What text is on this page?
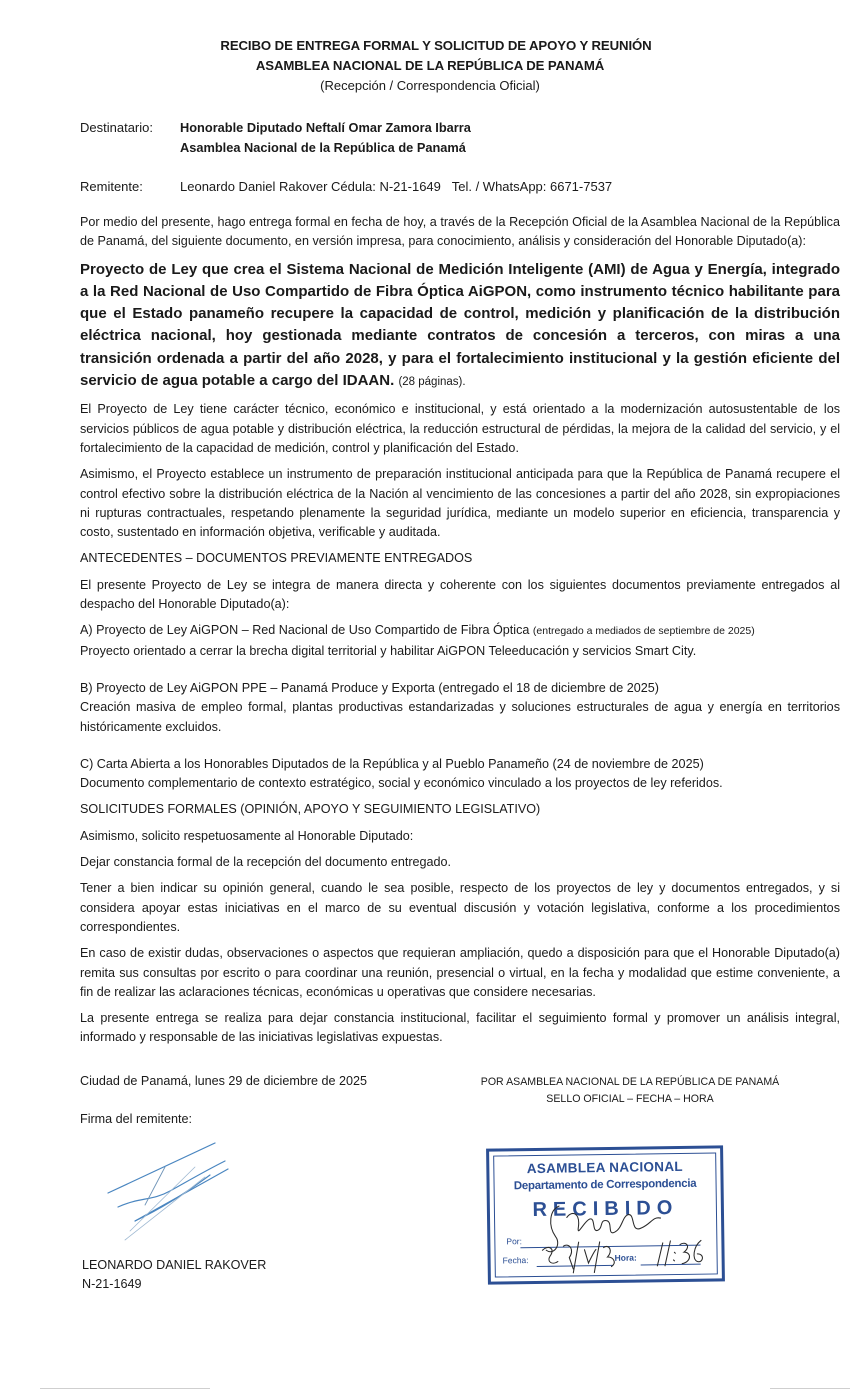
RECIBO DE ENTREGA FORMAL Y SOLICITUD DE APOYO Y REUNIÓN
ASAMBLEA NACIONAL DE LA REPÚBLICA DE PANAMÁ
(Recepción / Correspondencia Oficial)
Destinatario: Honorable Diputado Neftalí Omar Zamora Ibarra
Asamblea Nacional de la República de Panamá
Remitente:	Leonardo Daniel Rakover Cédula: N-21-1649 Tel. / WhatsApp: 6671-7537

Por medio del presente, hago entrega formal en fecha de hoy, a través de la Recepción Oficial de la Asamblea Nacional de la República de Panamá, del siguiente documento, en versión impresa, para conocimiento, análisis y consideración del Honorable Diputado(a):

Proyecto de Ley que crea el Sistema Nacional de Medición Inteligente (AMI) de Agua y Energía, integrado a la Red Nacional de Uso Compartido de Fibra Óptica AiGPON, como instrumento técnico habilitante para que el Estado panameño recupere la capacidad de control, medición y planificación de la distribución eléctrica nacional, hoy gestionada mediante contratos de concesión a terceros, con miras a una transición ordenada a partir del año 2028, y para el fortalecimiento institucional y la gestión eficiente del servicio de agua potable a cargo del IDAAN. (28 páginas).

El Proyecto de Ley tiene carácter técnico, económico e institucional, y está orientado a la modernización autosustentable de los servicios públicos de agua potable y distribución eléctrica, la reducción estructural de pérdidas, la mejora de la calidad del servicio, y el fortalecimiento de la capacidad de medición, control y planificación del Estado.

Asimismo, el Proyecto establece un instrumento de preparación institucional anticipada para que la República de Panamá recupere el control efectivo sobre la distribución eléctrica de la Nación al vencimiento de las concesiones a partir del año 2028, sin expropiaciones ni rupturas contractuales, respetando plenamente la seguridad jurídica, mediante un modelo superior en eficiencia, transparencia y costo, sustentado en información objetiva, verificable y auditada.

ANTECEDENTES – DOCUMENTOS PREVIAMENTE ENTREGADOS

El presente Proyecto de Ley se integra de manera directa y coherente con los siguientes documentos previamente entregados al despacho del Honorable Diputado(a):

A) Proyecto de Ley AiGPON – Red Nacional de Uso Compartido de Fibra Óptica (entregado a mediados de septiembre de 2025)
Proyecto orientado a cerrar la brecha digital territorial y habilitar AiGPON Teleeducación y servicios Smart City.

B) Proyecto de Ley AiGPON PPE – Panamá Produce y Exporta (entregado el 18 de diciembre de 2025)
Creación masiva de empleo formal, plantas productivas estandarizadas y soluciones estructurales de agua y energía en territorios históricamente excluidos.

C) Carta Abierta a los Honorables Diputados de la República y al Pueblo Panameño (24 de noviembre de 2025)
Documento complementario de contexto estratégico, social y económico vinculado a los proyectos de ley referidos.

SOLICITUDES FORMALES (OPINIÓN, APOYO Y SEGUIMIENTO LEGISLATIVO)

Asimismo, solicito respetuosamente al Honorable Diputado:

Dejar constancia formal de la recepción del documento entregado.

Tener a bien indicar su opinión general, cuando le sea posible, respecto de los proyectos de ley y documentos entregados, y si considera apoyar estas iniciativas en el marco de su eventual discusión y votación legislativa, conforme a los procedimientos correspondientes.

En caso de existir dudas, observaciones o aspectos que requieran ampliación, quedo a disposición para que el Honorable Diputado(a) remita sus consultas por escrito o para coordinar una reunión, presencial o virtual, en la fecha y modalidad que estime conveniente, a fin de realizar las aclaraciones técnicas, económicas u operativas que considere necesarias.

La presente entrega se realiza para dejar constancia institucional, facilitar el seguimiento formal y promover un análisis integral, informado y responsable de las iniciativas legislativas expuestas.

Ciudad de Panamá, lunes 29 de diciembre de 2025	POR ASAMBLEA NACIONAL DE LA REPÚBLICA DE PANAMÁ
SELLO OFICIAL – FECHA – HORA
Firma del remitente:
LEONARDO DANIEL RAKOVER
N-21-1649
ASAMBLEA NACIONAL
Departamento de Correspondencia
RECIBIDO
Por:
Fecha:	Hora:
